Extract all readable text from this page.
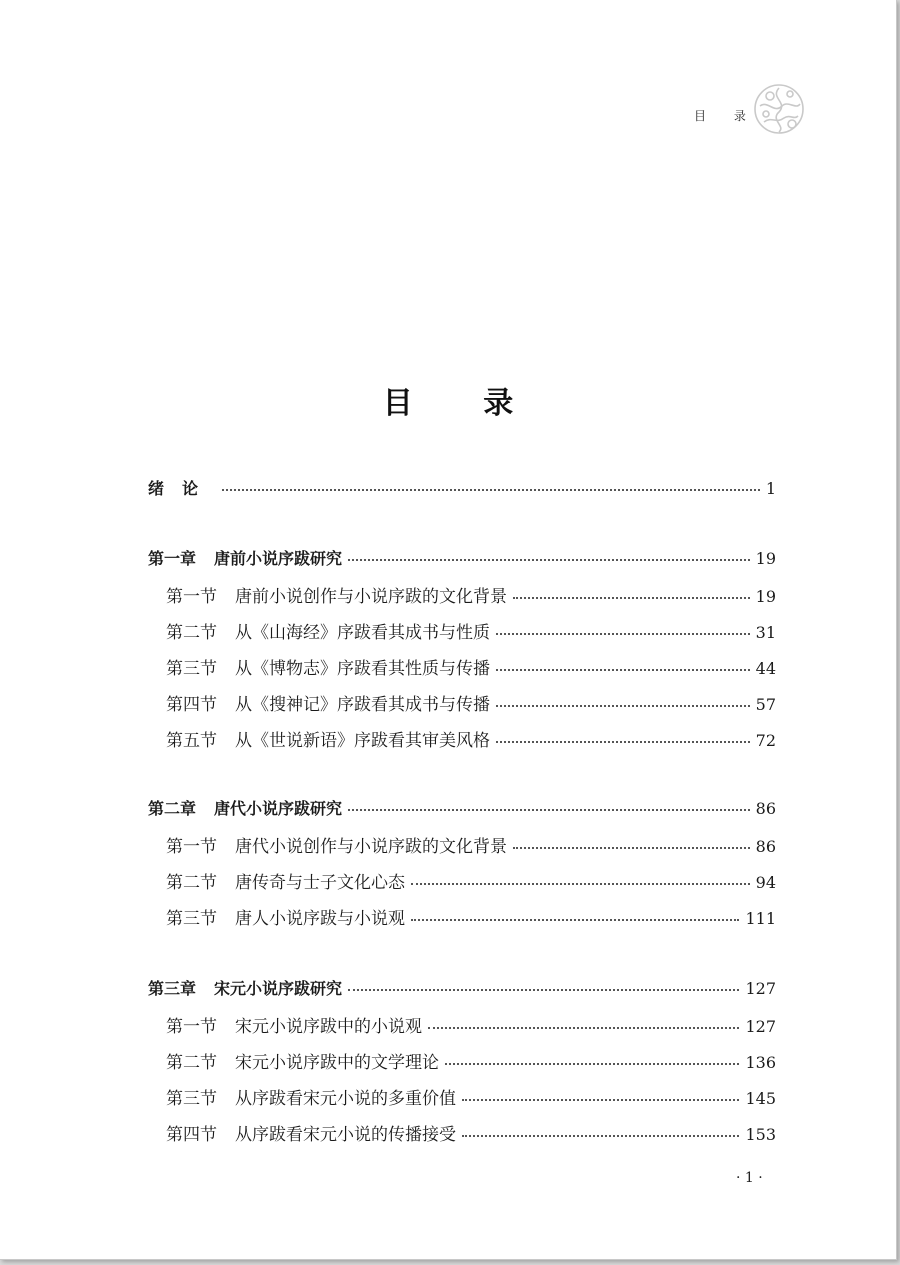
目 录
目 录
绪论	1
第一章 唐前小说序跋研究	19
第一节 唐前小说创作与小说序跋的文化背景	19
第二节 从《山海经》序跋看其成书与性质	31
第三节 从《博物志》序跋看其性质与传播	44
第四节 从《搜神记》序跋看其成书与传播	57
第五节 从《世说新语》序跋看其审美风格	72
第二章 唐代小说序跋研究	86
第一节 唐代小说创作与小说序跋的文化背景	86
第二节 唐传奇与士子文化心态	94
第三节 唐人小说序跋与小说观	111
第三章 宋元小说序跋研究	127
第一节 宋元小说序跋中的小说观	127
第二节 宋元小说序跋中的文学理论	136
第三节 从序跋看宋元小说的多重价值	145
第四节 从序跋看宋元小说的传播接受	153
· 1 ·
